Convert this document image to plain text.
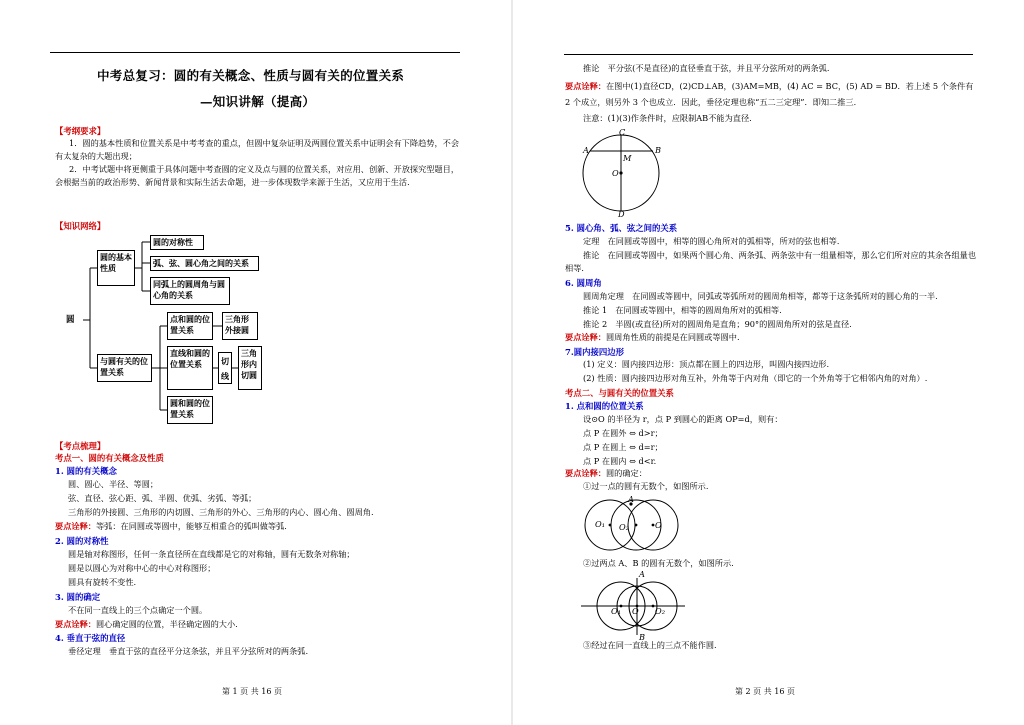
中考总复习：圆的有关概念、性质与圆有关的位置关系
—知识讲解（提高）
【考纲要求】
1．圆的基本性质和位置关系是中考考查的重点，但圆中复杂证明及两圆位置关系中证明会有下降趋势，不会有太复杂的大题出现；
2．中考试题中将更侧重于具体问题中考查圆的定义及点与圆的位置关系，对应用、创新、开放探究型题目，会根据当前的政治形势、新闻背景和实际生活去命题，进一步体现数学来源于生活，又应用于生活．
【知识网络】
圆
圆的基本性质
圆的对称性
弧、弦、圆心角之间的关系
同弧上的圆周角与圆心角的关系
与圆有关的位置关系
点和圆的位置关系
三角形外接圆
直线和圆的位置关系	切线
三角形内切圆
圆和圆的位置关系
【考点梳理】
考点一、圆的有关概念及性质
1. 圆的有关概念
圆、圆心、半径、等圆；
弦、直径、弦心距、弧、半圆、优弧、劣弧、等弧；
三角形的外接圆、三角形的内切圆、三角形的外心、三角形的内心、圆心角、圆周角.
要点诠释：等弧：在同圆或等圆中，能够互相重合的弧叫做等弧．
2. 圆的对称性
圆是轴对称图形，任何一条直径所在直线都是它的对称轴，圆有无数条对称轴；
圆是以圆心为对称中心的中心对称图形；
圆具有旋转不变性.
3. 圆的确定
不在同一直线上的三个点确定一个圆。
要点诠释：圆心确定圆的位置，半径确定圆的大小.
4. 垂直于弦的直径
垂径定理　垂直于弦的直径平分这条弦，并且平分弦所对的两条弧.
第 1 页 共 16 页
推论　平分弦(不是直径)的直径垂直于弦，并且平分弦所对的两条弧.
要点诠释：在图中(1)直径CD，(2)CD⊥AB，(3)AM=MB，(4) AC = BC，(5) AD = BD．若上述 5 个条件有 2 个成立，则另外 3 个也成立．因此，垂径定理也称“五二三定理”．即知二推三．
注意：(1)(3)作条件时，应限制AB不能为直径.
C
A	B
M
O
D
5. 圆心角、弧、弦之间的关系
定理　在同圆或等圆中，相等的圆心角所对的弧相等，所对的弦也相等．
推论　在同圆或等圆中，如果两个圆心角、两条弧、两条弦中有一组量相等，那么它们所对应的其余各组量也相等．
6. 圆周角
圆周角定理　在同圆或等圆中，同弧或等弧所对的圆周角相等，都等于这条弧所对的圆心角的一半.
推论 1　在同圆或等圆中，相等的圆周角所对的弧相等.
推论 2　半圆(或直径)所对的圆周角是直角；90°的圆周角所对的弦是直径.
要点诠释：圆周角性质的前提是在同圆或等圆中.
7.圆内接四边形
(1) 定义：圆内接四边形：顶点都在圆上的四边形，叫圆内接四边形.
(2) 性质：圆内接四边形对角互补，外角等于内对角（即它的一个外角等于它相邻内角的对角）.
考点二、与圆有关的位置关系
1. 点和圆的位置关系
设⊙O 的半径为 r，点 P 到圆心的距离 OP=d，则有：
点 P 在圆外 ⇔ d>r；
点 P 在圆上 ⇔ d=r；
点 P 在圆内 ⇔ d<r.
要点诠释：圆的确定：
①过一点的圆有无数个，如图所示.
A
O₁ O₂	O
②过两点 A、B 的圆有无数个，如图所示.
A
B
O₁ O O₂
③经过在同一直线上的三点不能作圆.
第 2 页 共 16 页
